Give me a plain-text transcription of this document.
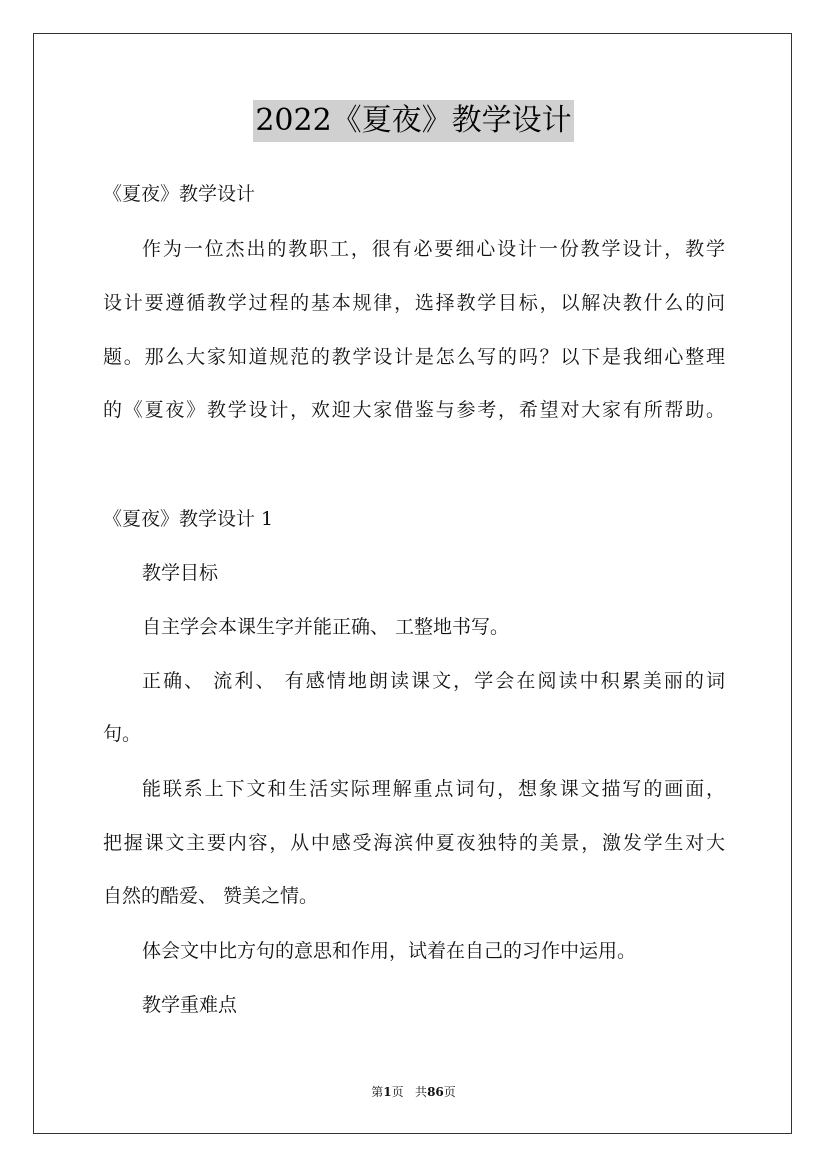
2022《夏夜》教学设计
《夏夜》教学设计
作为一位杰出的教职工，很有必要细心设计一份教学设计，教学
设计要遵循教学过程的基本规律，选择教学目标，以解决教什么的问
题。那么大家知道规范的教学设计是怎么写的吗？以下是我细心整理
的《夏夜》教学设计，欢迎大家借鉴与参考，希望对大家有所帮助。
《夏夜》教学设计 1
教学目标
自主学会本课生字并能正确、 工整地书写。
正确、 流利、 有感情地朗读课文，学会在阅读中积累美丽的词
句。
能联系上下文和生活实际理解重点词句，想象课文描写的画面，
把握课文主要内容，从中感受海滨仲夏夜独特的美景，激发学生对大
自然的酷爱、 赞美之情。
体会文中比方句的意思和作用，试着在自己的习作中运用。
教学重难点
第1页 共86页
